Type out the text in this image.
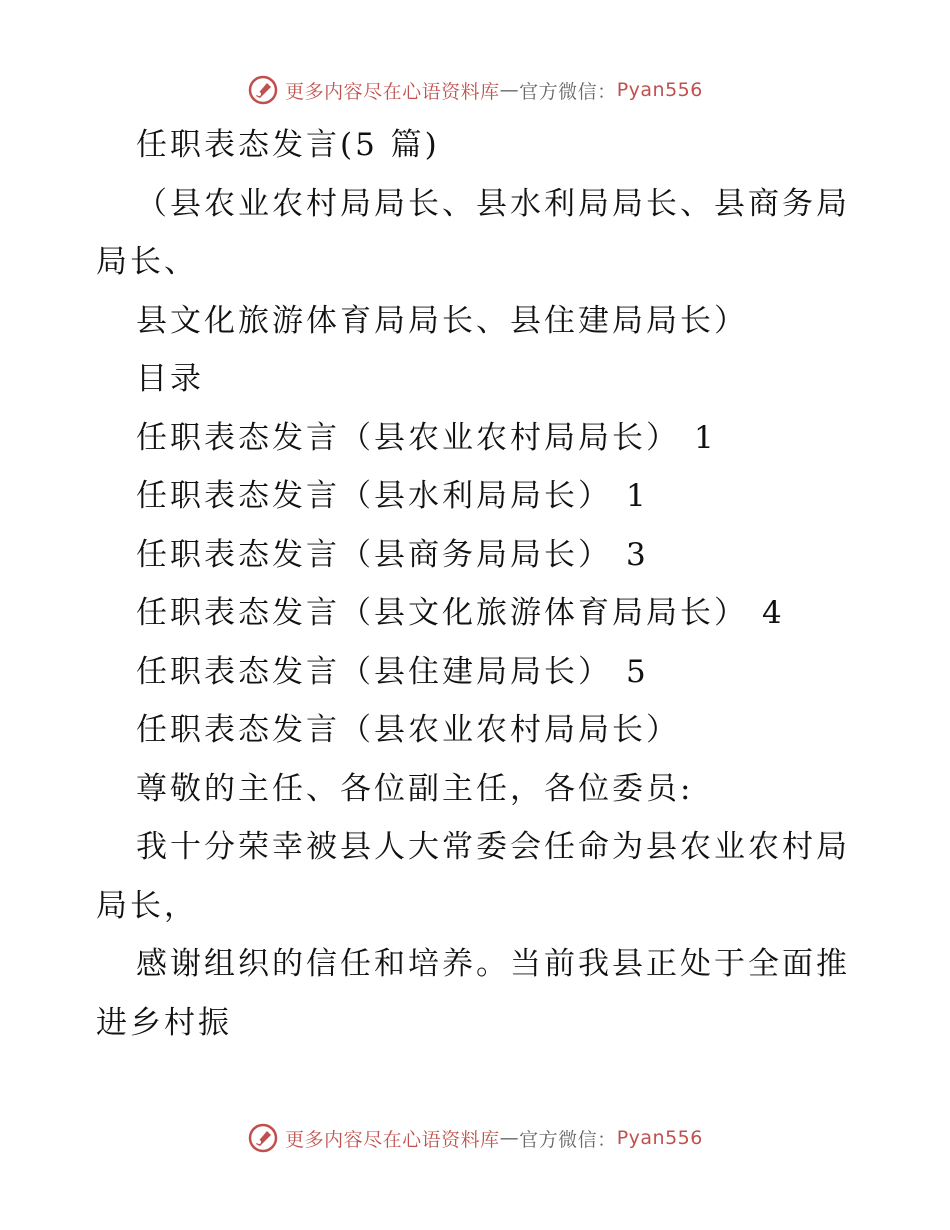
更多内容尽在心语资料库 — 官方微信： Pyan556
任职表态发言(5 篇)
（县农业农村局局长、县水利局局长、县商务局
局长、
县文化旅游体育局局长、县住建局局长）
目录
任职表态发言（县农业农村局局长） 1
任职表态发言（县水利局局长） 1
任职表态发言（县商务局局长） 3
任职表态发言（县文化旅游体育局局长） 4
任职表态发言（县住建局局长） 5
任职表态发言（县农业农村局局长）
尊敬的主任、各位副主任，各位委员:
我十分荣幸被县人大常委会任命为县农业农村局
局长，
感谢组织的信任和培养。当前我县正处于全面推
进乡村振
更多内容尽在心语资料库 — 官方微信： Pyan556
